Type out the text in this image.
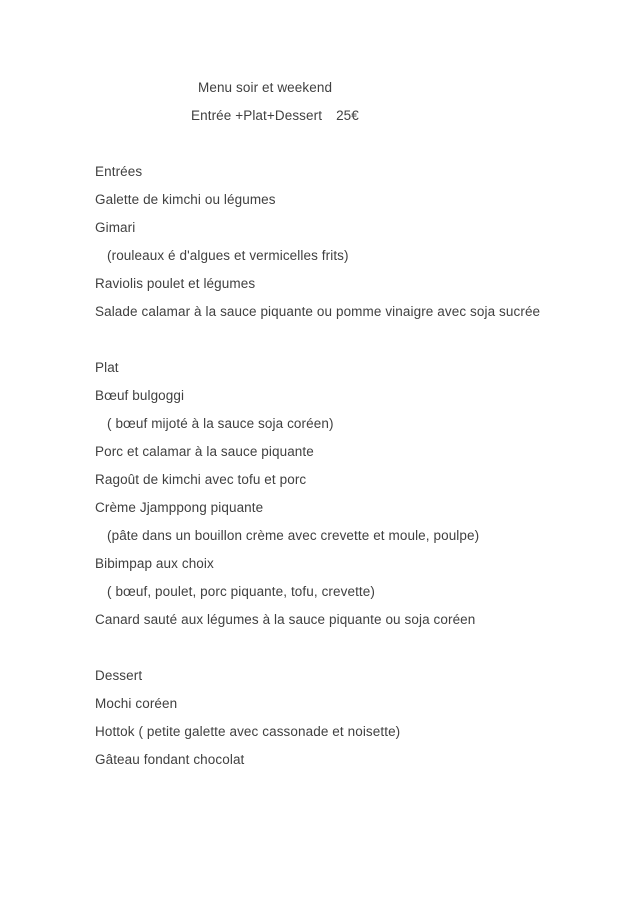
Menu soir et weekend
Entrée +Plat+Dessert 25€
Entrées
Galette de kimchi ou légumes
Gimari
(rouleaux é d'algues et vermicelles frits)
Raviolis poulet et légumes
Salade calamar à la sauce piquante ou pomme vinaigre avec soja sucrée
Plat
Bœuf bulgoggi
( bœuf mijoté à la sauce soja coréen)
Porc et calamar à la sauce piquante
Ragoût de kimchi avec tofu et porc
Crème Jjamppong piquante
(pâte dans un bouillon crème avec crevette et moule, poulpe)
Bibimpap aux choix
( bœuf, poulet, porc piquante, tofu, crevette)
Canard sauté aux légumes à la sauce piquante ou soja coréen
Dessert
Mochi coréen
Hottok ( petite galette avec cassonade et noisette)
Gâteau fondant chocolat
